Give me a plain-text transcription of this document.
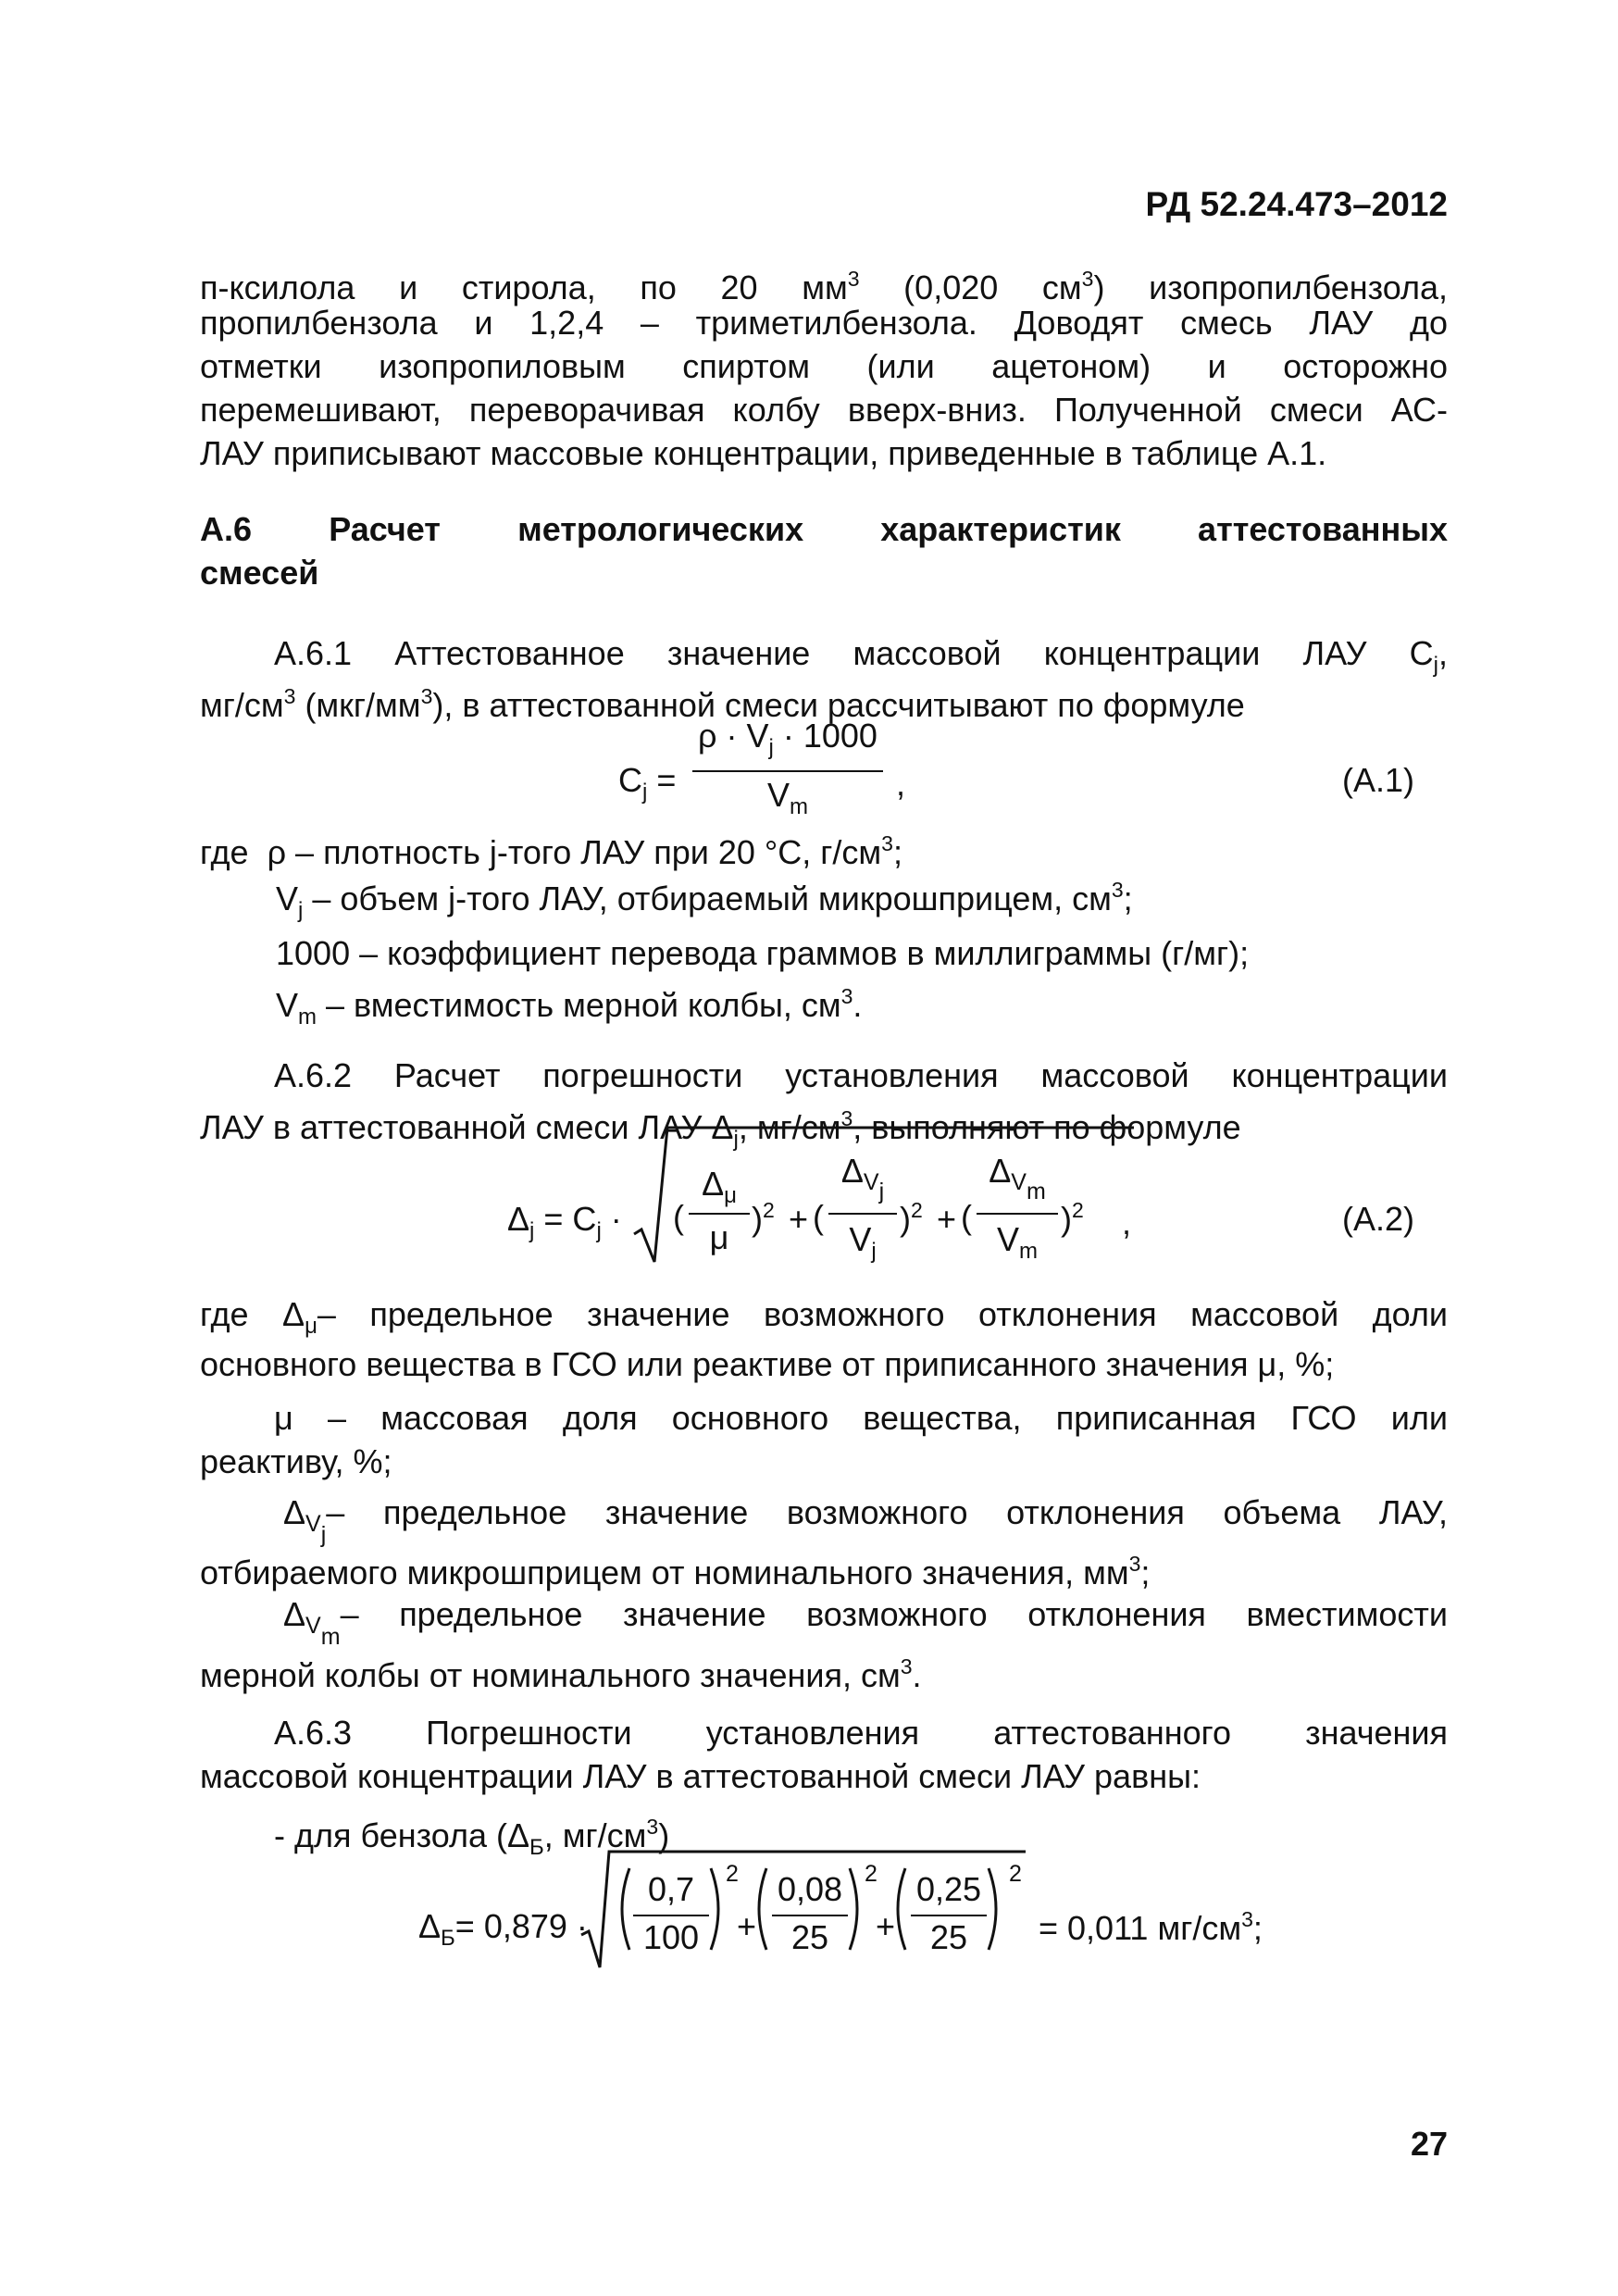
РД 52.24.473–2012
п-ксилола и стирола, по 20 $мм^3$ (0,020 $см^3$) изопропилбензола,
пропилбензола и 1,2,4 – триметилбензола. Доводят смесь ЛАУ до
отметки изопропиловым спиртом (или ацетоном) и осторожно
перемешивают, переворачивая колбу вверх-вниз. Полученной смеси АС-
ЛАУ приписывают массовые концентрации, приведенные в таблице А.1.
А.6 Расчет метрологических характеристик аттестованных
смесей
А.6.1 Аттестованное значение массовой концентрации ЛАУ $С_j$,
$мг/см^3$ $(мкг/мм^3)$, в аттестованной смеси рассчитывают по формуле
$C_j$ =
$\rho \cdot V_j \cdot 1000$
$V_m$
,	(А.1)
где ρ – плотность j-того ЛАУ при 20 °С, $г/см^3$;
$V_j$ – объем j-того ЛАУ, отбираемый микрошприцем, $см^3$;
1000 – коэффициент перевода граммов в миллиграммы (г/мг);
$V_m$ – вместимость мерной колбы, $см^3$.
А.6.2 Расчет погрешности установления массовой концентрации
ЛАУ в аттестованной смеси ЛАУ $\Delta_j$, $мг/см^3$, выполняют по формуле
$\Delta_j = C_j$ · (
$\Delta_\mu$
μ )$^2$ + (
$\Delta_{Vj}$
$V_j$
)$^2$ + (
$\Delta_{Vm}$
$V_m$
)$^2$ ,	(А.2)
где $\Delta_\mu-$ предельное значение возможного отклонения массовой доли
основного вещества в ГСО или реактиве от приписанного значения μ, %;
μ – массовая доля основного вещества, приписанная ГСО или
реактиву, %;
$\Delta_{Vj}-$ предельное значение возможного отклонения объема ЛАУ,
отбираемого микрошприцем от номинального значения, $мм^3$;
$\Delta_{Vm}-$ предельное значение возможного отклонения вместимости
мерной колбы от номинального значения, $см^3$.
А.6.3 Погрешности установления аттестованного значения
массовой концентрации ЛАУ в аттестованной смеси ЛАУ равны:
- для бензола ($\Delta_Б$, $мг/см^3$)
$\Delta_Б= 0,879$ ·
0,7
100
2
+
0,08
25
2
+
0,25
25
2
= 0,011 $мг/см^3$;
27
